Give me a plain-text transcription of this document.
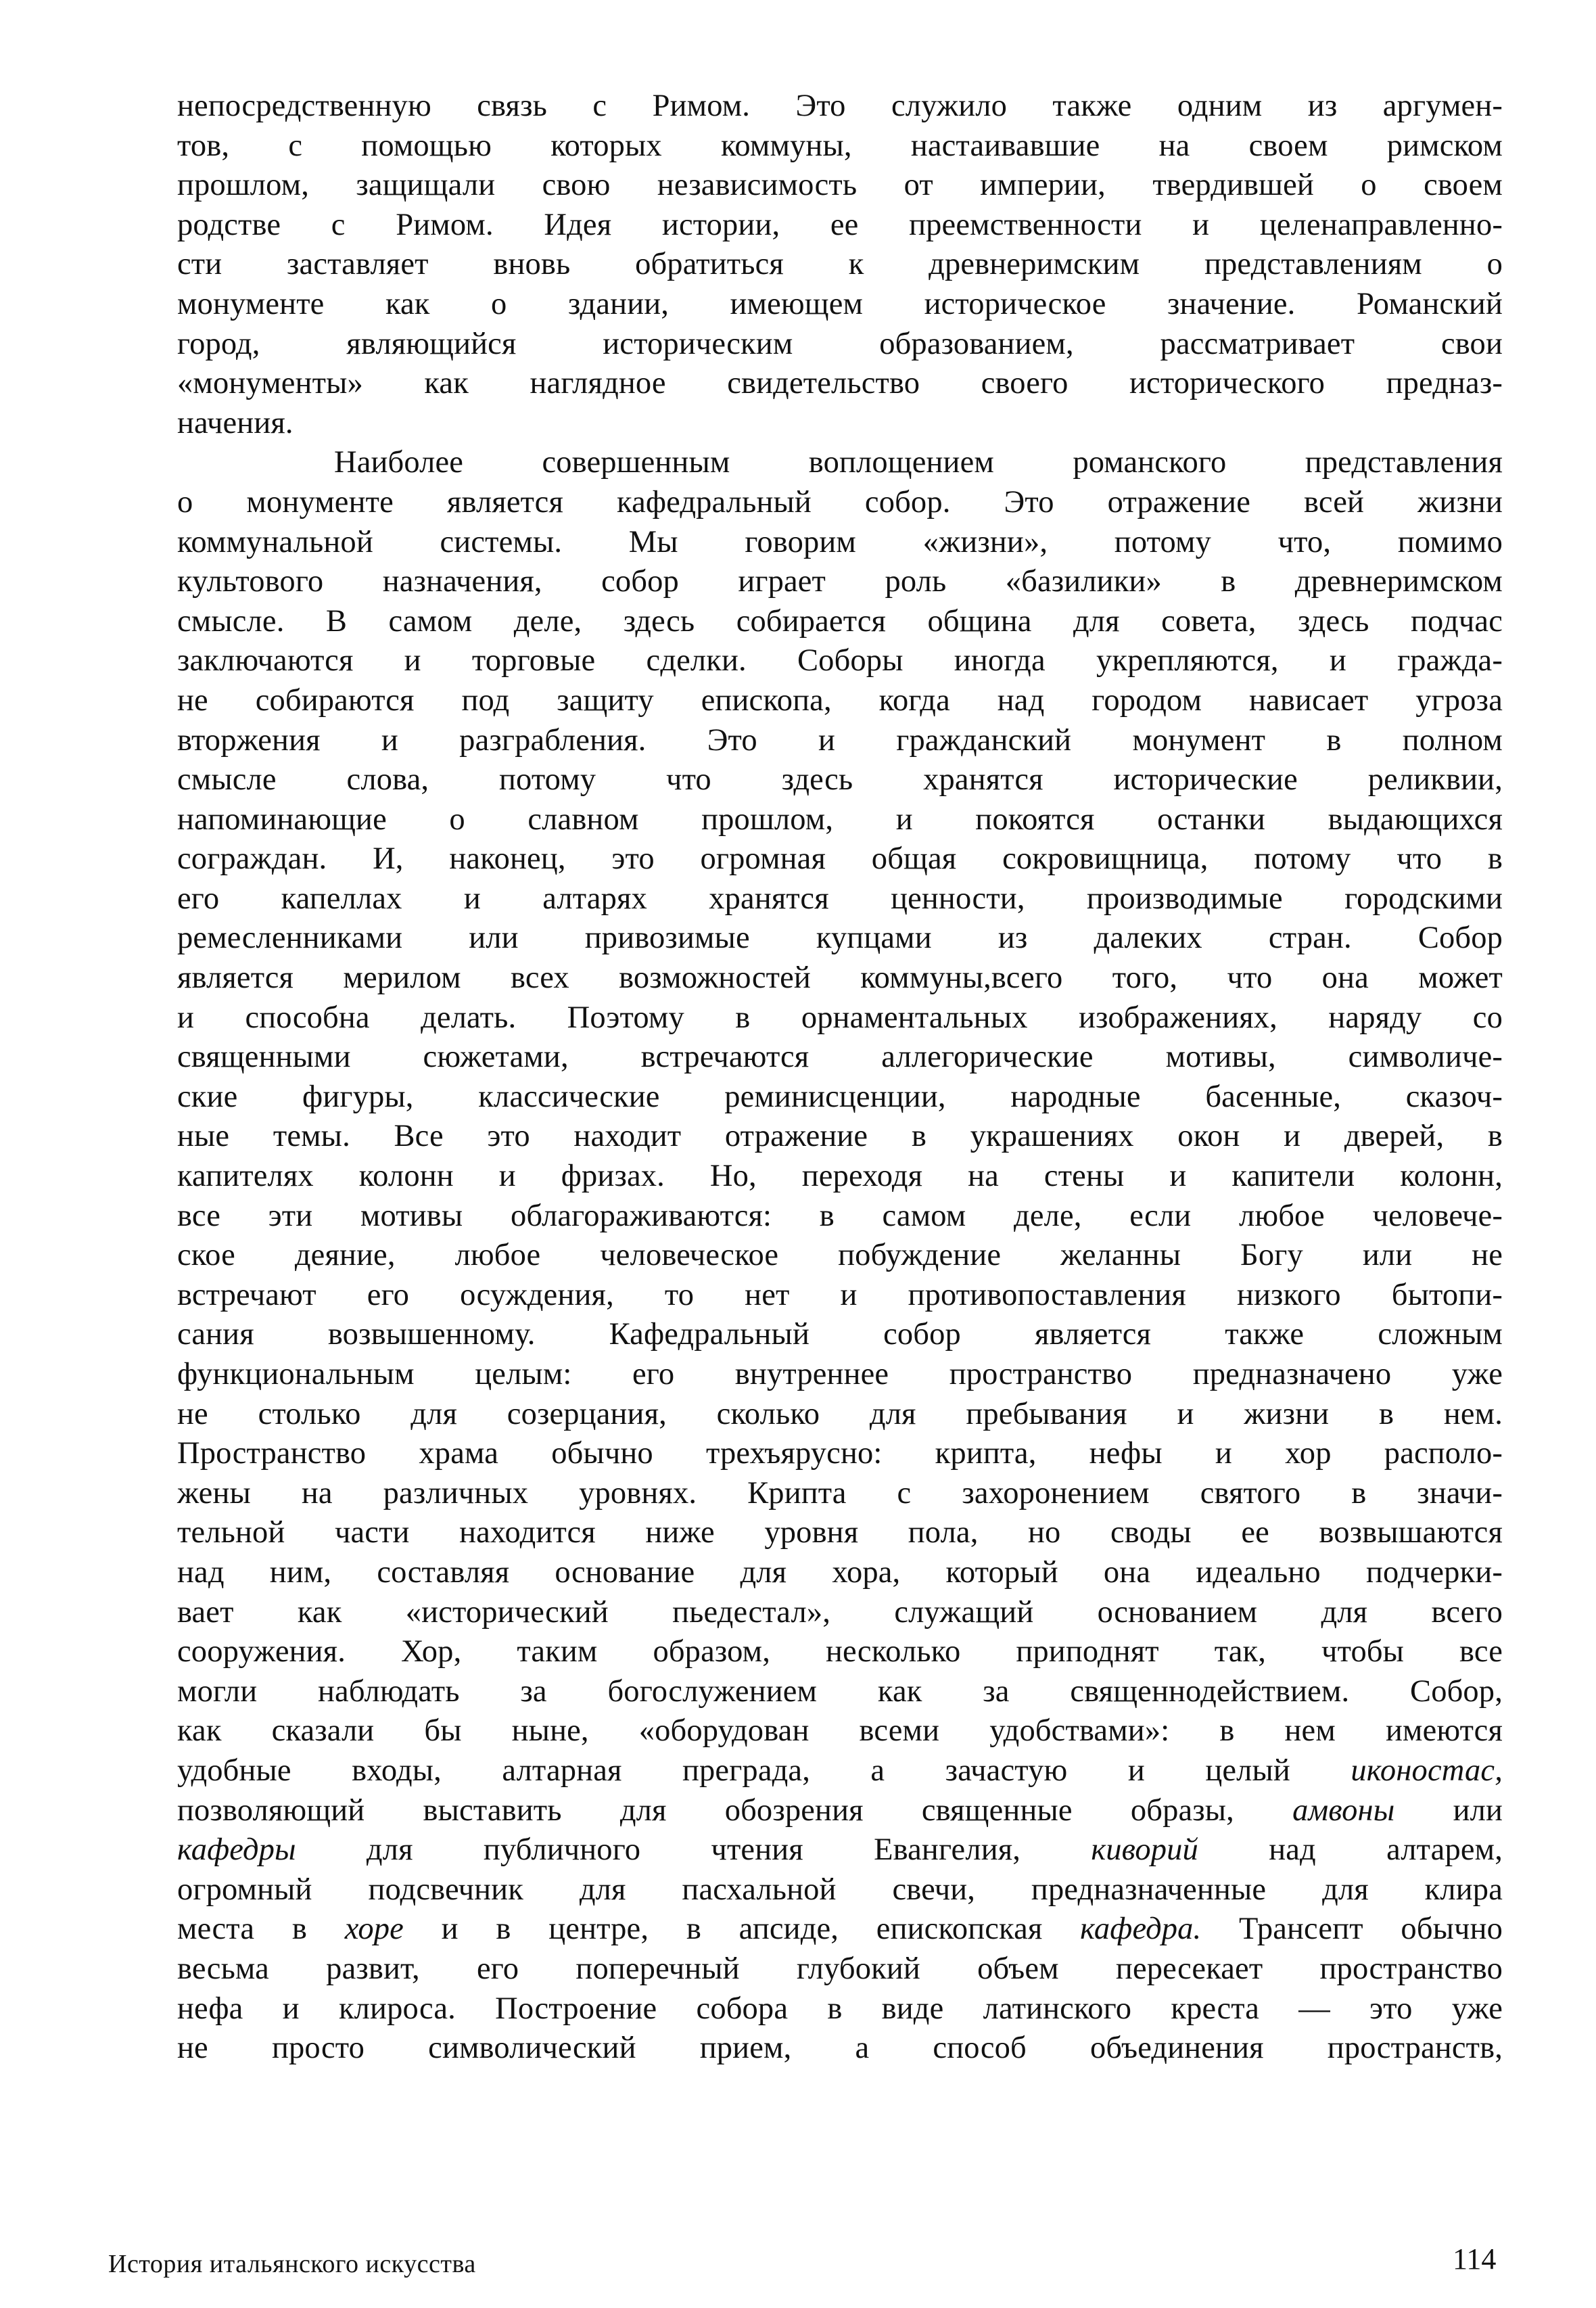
непосредственную связь с Римом. Это служило также одним из аргумен-
тов, с помощью которых коммуны, настаивавшие на своем римском
прошлом, защищали свою независимость от империи, твердившей о своем
родстве с Римом. Идея истории, ее преемственности и целенаправленно-
сти заставляет вновь обратиться к древнеримским представлениям о
монументе как о здании, имеющем историческое значение. Романский
город, являющийся историческим образованием, рассматривает свои
«монументы» как наглядное свидетельство своего исторического предназ-
начения.
Наиболее совершенным воплощением романского представления
о монументе является кафедральный собор. Это отражение всей жизни
коммунальной системы. Мы говорим «жизни», потому что, помимо
культового назначения, собор играет роль «базилики» в древнеримском
смысле. В самом деле, здесь собирается община для совета, здесь подчас
заключаются и торговые сделки. Соборы иногда укрепляются, и гражда-
не собираются под защиту епископа, когда над городом нависает угроза
вторжения и разграбления. Это и гражданский монумент в полном
смысле слова, потому что здесь хранятся исторические реликвии,
напоминающие о славном прошлом, и покоятся останки выдающихся
сограждан. И, наконец, это огромная общая сокровищница, потому что в
его капеллах и алтарях хранятся ценности, производимые городскими
ремесленниками или привозимые купцами из далеких стран. Собор
является мерилом всех возможностей коммуны,всего того, что она может
и способна делать. Поэтому в орнаментальных изображениях, наряду со
священными сюжетами, встречаются аллегорические мотивы, символиче-
ские фигуры, классические реминисценции, народные басенные, сказоч-
ные темы. Все это находит отражение в украшениях окон и дверей, в
капителях колонн и фризах. Но, переходя на стены и капители колонн,
все эти мотивы облагораживаются: в самом деле, если любое человече-
ское деяние, любое человеческое побуждение желанны Богу или не
встречают его осуждения, то нет и противопоставления низкого бытопи-
сания возвышенному. Кафедральный собор является также сложным
функциональным целым: его внутреннее пространство предназначено уже
не столько для созерцания, сколько для пребывания и жизни в нем.
Пространство храма обычно трехъярусно: крипта, нефы и хор располо-
жены на различных уровнях. Крипта с захоронением святого в значи-
тельной части находится ниже уровня пола, но своды ее возвышаются
над ним, составляя основание для хора, который она идеально подчерки-
вает как «исторический пьедестал», служащий основанием для всего
сооружения. Хор, таким образом, несколько приподнят так, чтобы все
могли наблюдать за богослужением как за священнодействием. Собор,
как сказали бы ныне, «оборудован всеми удобствами»: в нем имеются
удобные входы, алтарная преграда, а зачастую и целый иконостас,
позволяющий выставить для обозрения священные образы, амвоны или
кафедры для публичного чтения Евангелия, киворий над алтарем,
огромный подсвечник для пасхальной свечи, предназначенные для клира
места в хоре и в центре, в апсиде, епископская кафедра. Трансепт обычно
весьма развит, его поперечный глубокий объем пересекает пространство
нефа и клироса. Построение собора в виде латинского креста — это уже
не просто символический прием, а способ объединения пространств,
История итальянского искусства	114
